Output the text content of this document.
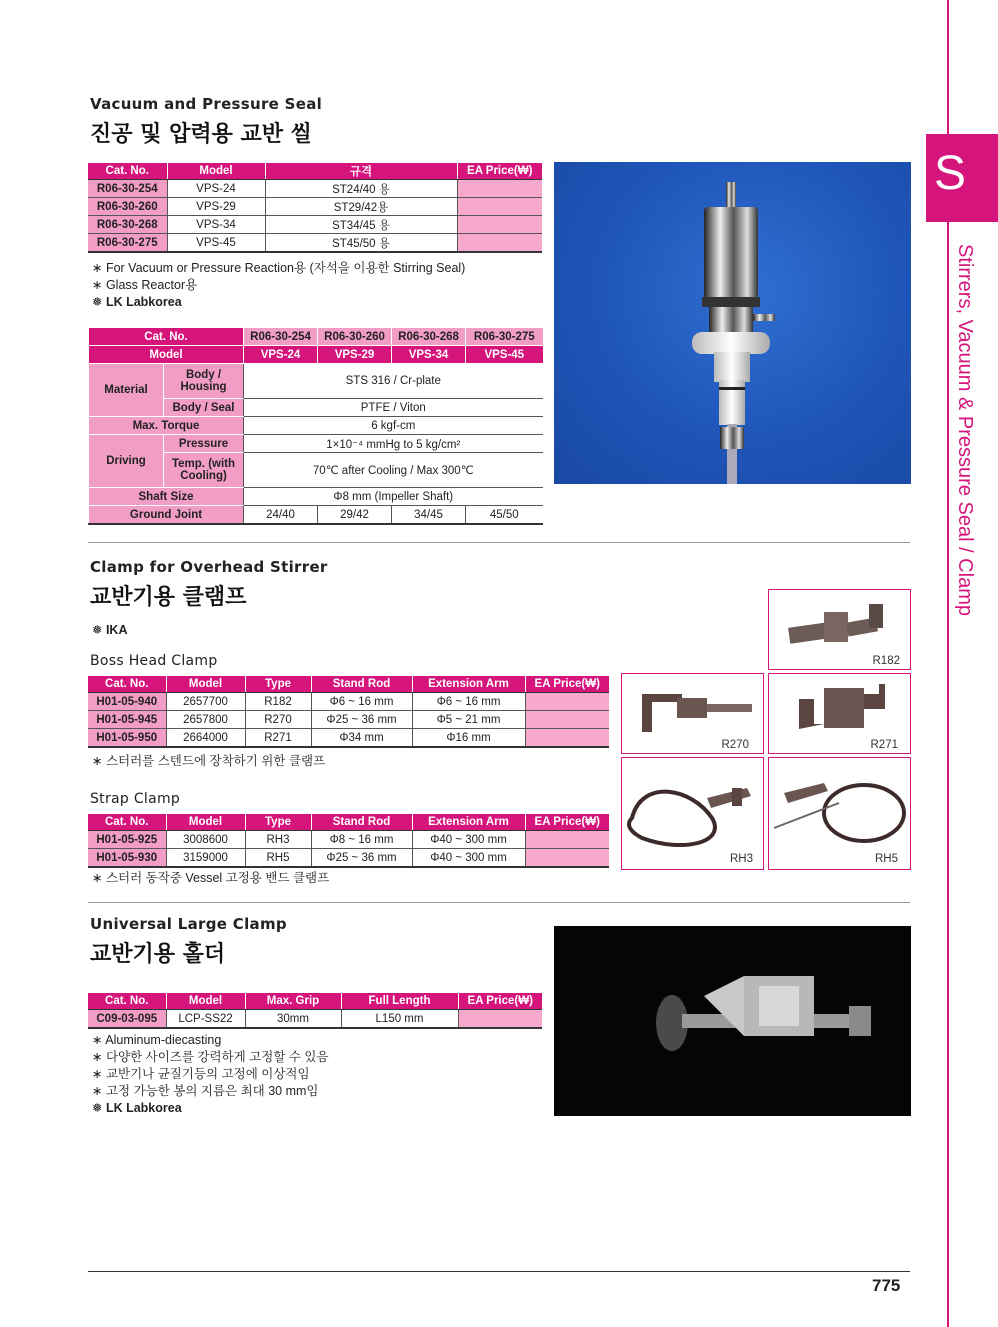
S
Stirrers, Vacuum & Pressure Seal / Clamp
Vacuum and Pressure Seal
진공 및 압력용 교반 씰
Cat. No.	Model	규격	EA Price(₩)
R06-30-254	VPS-24	ST24/40 용	
R06-30-260	VPS-29	ST29/42용	
R06-30-268	VPS-34	ST34/45 용	
R06-30-275	VPS-45	ST45/50 용	
∗ For Vacuum or Pressure Reaction용 (자석을 이용한 Stirring Seal)
∗ Glass Reactor용
❅ LK Labkorea
Cat. No.		R06-30-254	R06-30-260	R06-30-268	R06-30-275
Model		VPS-24	VPS-29	VPS-34	VPS-45
Material	Body / Housing	STS 316 / Cr-plate			
	Body / Seal	PTFE / Viton			
Max. Torque		6 kgf-cm			
Driving	Pressure	1×10⁻⁴ mmHg to 5 kg/cm²			
	Temp. (with Cooling)	70℃ after Cooling / Max 300℃			
Shaft Size		Φ8 mm (Impeller Shaft)			
Ground Joint		24/40	29/42	34/45	45/50
Clamp for Overhead Stirrer
교반기용 클램프
❅ IKA
Boss Head Clamp
Cat. No.	Model	Type	Stand Rod	Extension Arm	EA Price(₩)
H01-05-940	2657700	R182	Φ6 ~ 16 mm	Φ6 ~ 16 mm	
H01-05-945	2657800	R270	Φ25 ~ 36 mm	Φ5 ~ 21 mm	
H01-05-950	2664000	R271	Φ34 mm	Φ16 mm	
∗ 스터러를 스텐드에 장착하기 위한 클램프
Strap Clamp
Cat. No.	Model	Type	Stand Rod	Extension Arm	EA Price(₩)
H01-05-925	3008600	RH3	Φ8 ~ 16 mm	Φ40 ~ 300 mm	
H01-05-930	3159000	RH5	Φ25 ~ 36 mm	Φ40 ~ 300 mm	
∗ 스터러 동작중 Vessel 고정용 밴드 클램프
R182
R270	R271
RH3	RH5
Universal Large Clamp
교반기용 홀더
Cat. No.	Model	Max. Grip	Full Length	EA Price(₩)
C09-03-095	LCP-SS22	30mm	L150 mm	
∗ Aluminum-diecasting
∗ 다양한 사이즈를 강력하게 고정할 수 있음
∗ 교반기나 균질기등의 고정에 이상적임
∗ 고정 가능한 봉의 지름은 최대 30 mm임
❅ LK Labkorea
775
